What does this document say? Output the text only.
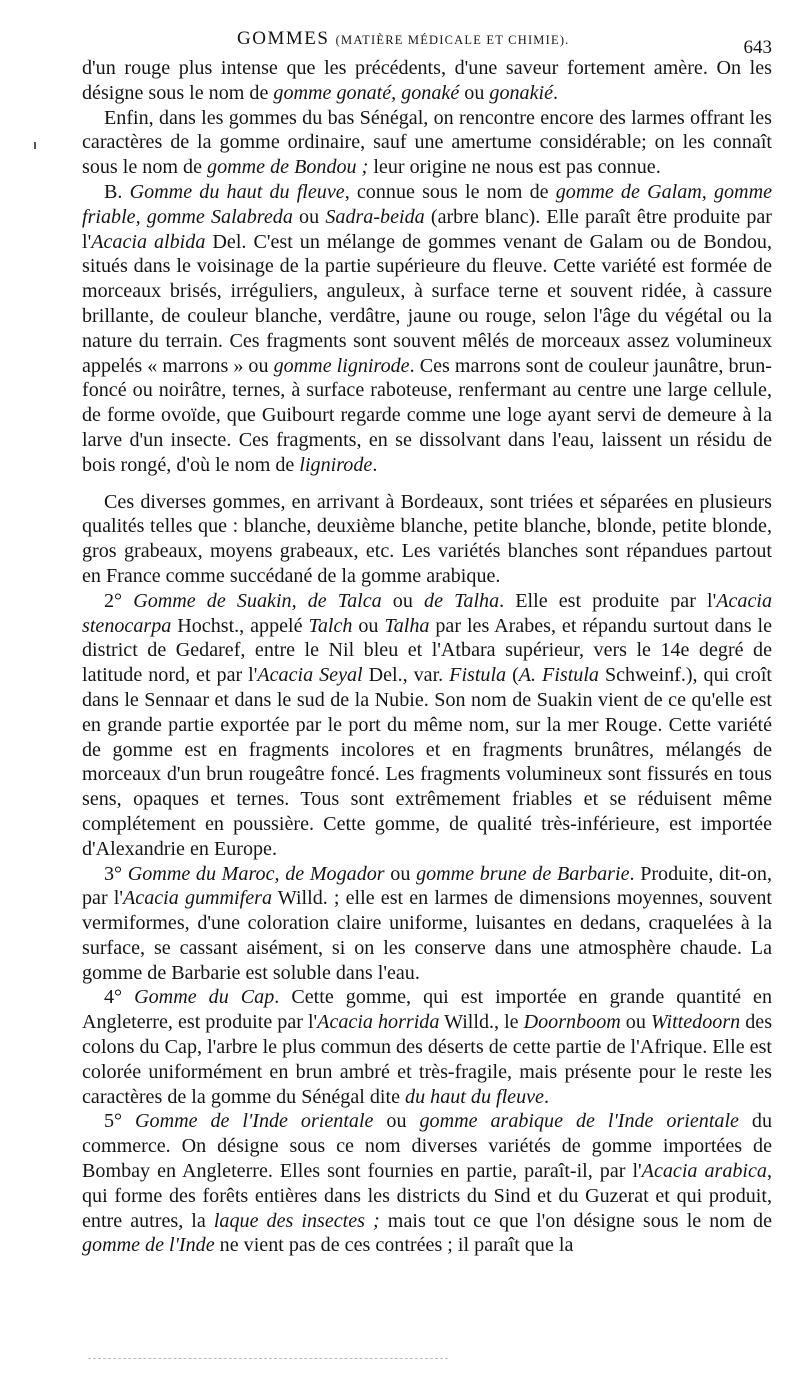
GOMMES (MATIÈRE MÉDICALE ET CHIMIE).	643

d'un rouge plus intense que les précédents, d'une saveur fortement amère. On les désigne sous le nom de gomme gonaté, gonaké ou gonakié.

Enfin, dans les gommes du bas Sénégal, on rencontre encore des larmes offrant les caractères de la gomme ordinaire, sauf une amertume considérable; on les connaît sous le nom de gomme de Bondou ; leur origine ne nous est pas connue.

B. Gomme du haut du fleuve, connue sous le nom de gomme de Galam, gomme friable, gomme Salabreda ou Sadra-beida (arbre blanc). Elle paraît être produite par l'Acacia albida Del. C'est un mélange de gommes venant de Galam ou de Bondou, situés dans le voisinage de la partie supérieure du fleuve. Cette variété est formée de morceaux brisés, irréguliers, anguleux, à surface terne et souvent ridée, à cassure brillante, de couleur blanche, verdâtre, jaune ou rouge, selon l'âge du végétal ou la nature du terrain. Ces fragments sont souvent mêlés de morceaux assez volumineux appelés « marrons » ou gomme lignirode. Ces marrons sont de couleur jaunâtre, brun-foncé ou noirâtre, ternes, à surface raboteuse, renfermant au centre une large cellule, de forme ovoïde, que Guibourt regarde comme une loge ayant servi de demeure à la larve d'un insecte. Ces fragments, en se dissolvant dans l'eau, laissent un résidu de bois rongé, d'où le nom de lignirode.

Ces diverses gommes, en arrivant à Bordeaux, sont triées et séparées en plusieurs qualités telles que : blanche, deuxième blanche, petite blanche, blonde, petite blonde, gros grabeaux, moyens grabeaux, etc. Les variétés blanches sont répandues partout en France comme succédané de la gomme arabique.

2° Gomme de Suakin, de Talca ou de Talha. Elle est produite par l'Acacia stenocarpa Hochst., appelé Talch ou Talha par les Arabes, et répandu surtout dans le district de Gedaref, entre le Nil bleu et l'Atbara supérieur, vers le 14e degré de latitude nord, et par l'Acacia Seyal Del., var. Fistula (A. Fistula Schweinf.), qui croît dans le Sennaar et dans le sud de la Nubie. Son nom de Suakin vient de ce qu'elle est en grande partie exportée par le port du même nom, sur la mer Rouge. Cette variété de gomme est en fragments incolores et en fragments brunâtres, mélangés de morceaux d'un brun rougeâtre foncé. Les fragments volumineux sont fissurés en tous sens, opaques et ternes. Tous sont extrêmement friables et se réduisent même complétement en poussière. Cette gomme, de qualité très-inférieure, est importée d'Alexandrie en Europe.

3° Gomme du Maroc, de Mogador ou gomme brune de Barbarie. Produite, dit-on, par l'Acacia gummifera Willd. ; elle est en larmes de dimensions moyennes, souvent vermiformes, d'une coloration claire uniforme, luisantes en dedans, craquelées à la surface, se cassant aisément, si on les conserve dans une atmosphère chaude. La gomme de Barbarie est soluble dans l'eau.

4° Gomme du Cap. Cette gomme, qui est importée en grande quantité en Angleterre, est produite par l'Acacia horrida Willd., le Doornboom ou Wittedoorn des colons du Cap, l'arbre le plus commun des déserts de cette partie de l'Afrique. Elle est colorée uniformément en brun ambré et très-fragile, mais présente pour le reste les caractères de la gomme du Sénégal dite du haut du fleuve.

5° Gomme de l'Inde orientale ou gomme arabique de l'Inde orientale du commerce. On désigne sous ce nom diverses variétés de gomme importées de Bombay en Angleterre. Elles sont fournies en partie, paraît-il, par l'Acacia arabica, qui forme des forêts entières dans les districts du Sind et du Guzerat et qui produit, entre autres, la laque des insectes ; mais tout ce que l'on désigne sous le nom de gomme de l'Inde ne vient pas de ces contrées ; il paraît que la
